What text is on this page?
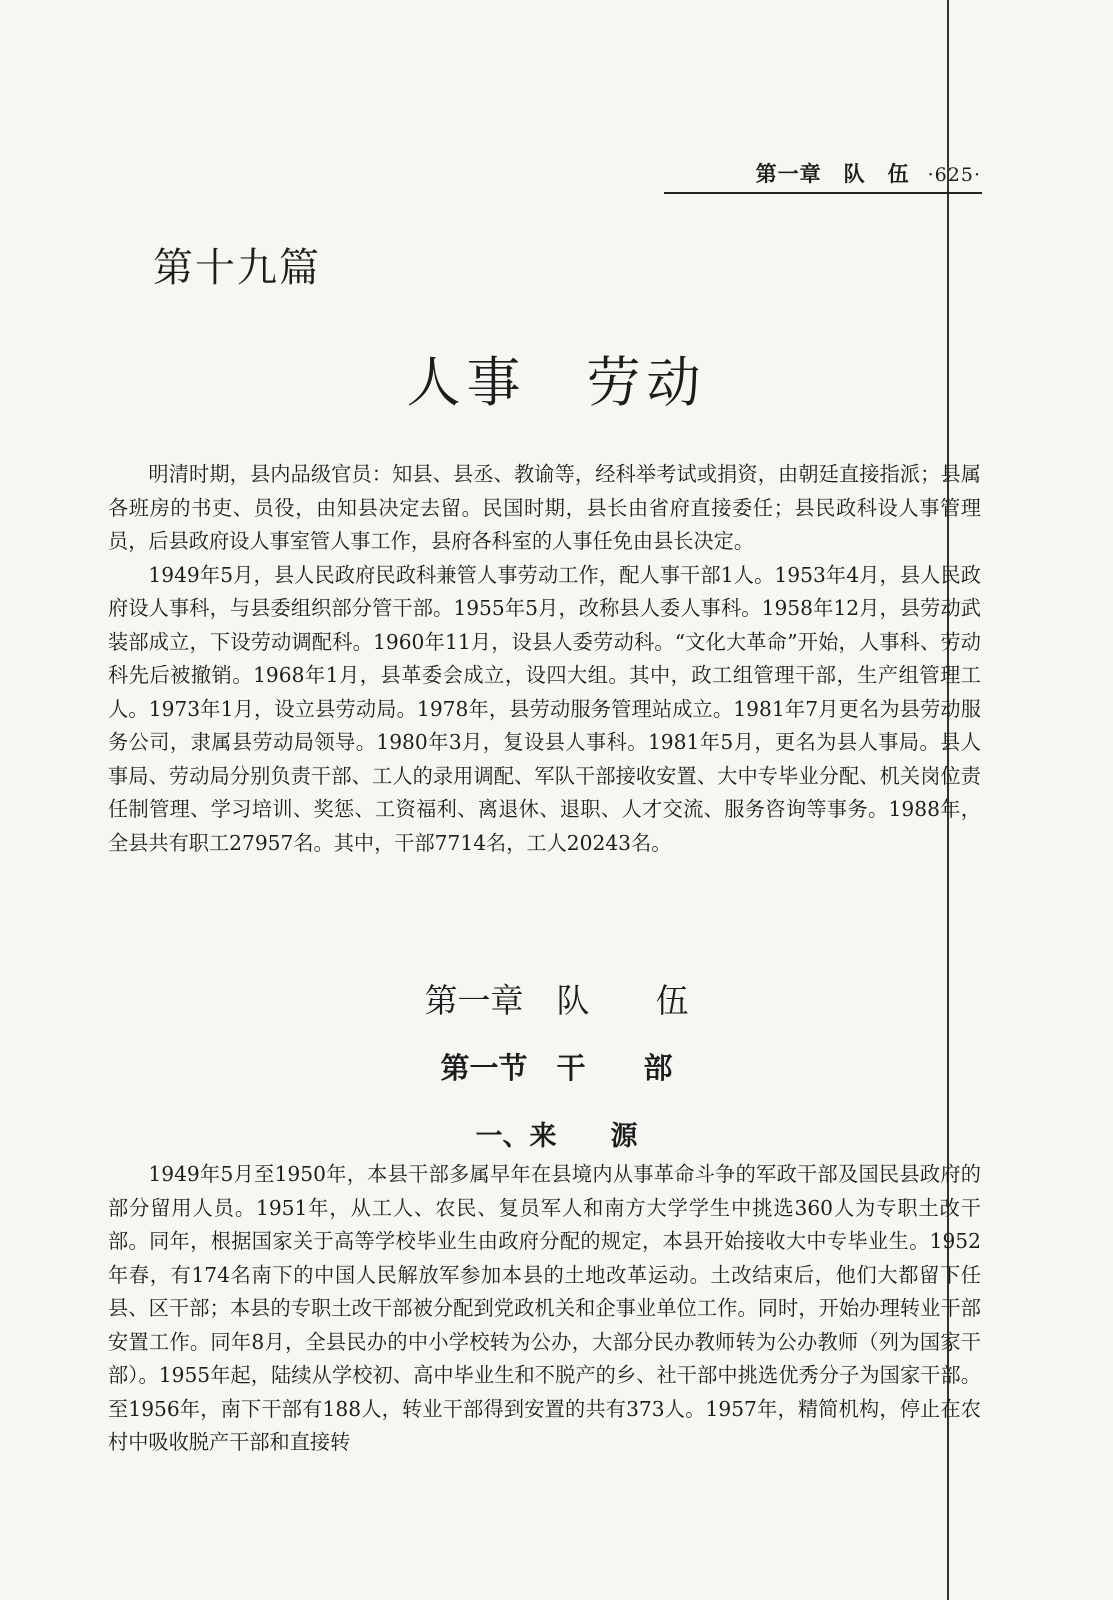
第一章　队　伍 ·625·
第十九篇
人事　劳动

明清时期，县内品级官员：知县、县丞、教谕等，经科举考试或捐资，由朝廷直接指派；县属各班房的书吏、员役，由知县决定去留。民国时期，县长由省府直接委任；县民政科设人事管理员，后县政府设人事室管人事工作，县府各科室的人事任免由县长决定。

1949年5月，县人民政府民政科兼管人事劳动工作，配人事干部1人。1953年4月，县人民政府设人事科，与县委组织部分管干部。1955年5月，改称县人委人事科。1958年12月，县劳动武装部成立，下设劳动调配科。1960年11月，设县人委劳动科。“文化大革命”开始，人事科、劳动科先后被撤销。1968年1月，县革委会成立，设四大组。其中，政工组管理干部，生产组管理工人。1973年1月，设立县劳动局。1978年，县劳动服务管理站成立。1981年7月更名为县劳动服务公司，隶属县劳动局领导。1980年3月，复设县人事科。1981年5月，更名为县人事局。县人事局、劳动局分别负责干部、工人的录用调配、军队干部接收安置、大中专毕业分配、机关岗位责任制管理、学习培训、奖惩、工资福利、离退休、退职、人才交流、服务咨询等事务。1988年，全县共有职工27957名。其中，干部7714名，工人20243名。

第一章　队　　伍
第一节　干　　部
一、来　　源

1949年5月至1950年，本县干部多属早年在县境内从事革命斗争的军政干部及国民县政府的部分留用人员。1951年，从工人、农民、复员军人和南方大学学生中挑选360人为专职土改干部。同年，根据国家关于高等学校毕业生由政府分配的规定，本县开始接收大中专毕业生。1952年春，有174名南下的中国人民解放军参加本县的土地改革运动。土改结束后，他们大都留下任县、区干部；本县的专职土改干部被分配到党政机关和企事业单位工作。同时，开始办理转业干部安置工作。同年8月，全县民办的中小学校转为公办，大部分民办教师转为公办教师（列为国家干部）。1955年起，陆续从学校初、高中毕业生和不脱产的乡、社干部中挑选优秀分子为国家干部。至1956年，南下干部有188人，转业干部得到安置的共有373人。1957年，精简机构，停止在农村中吸收脱产干部和直接转
